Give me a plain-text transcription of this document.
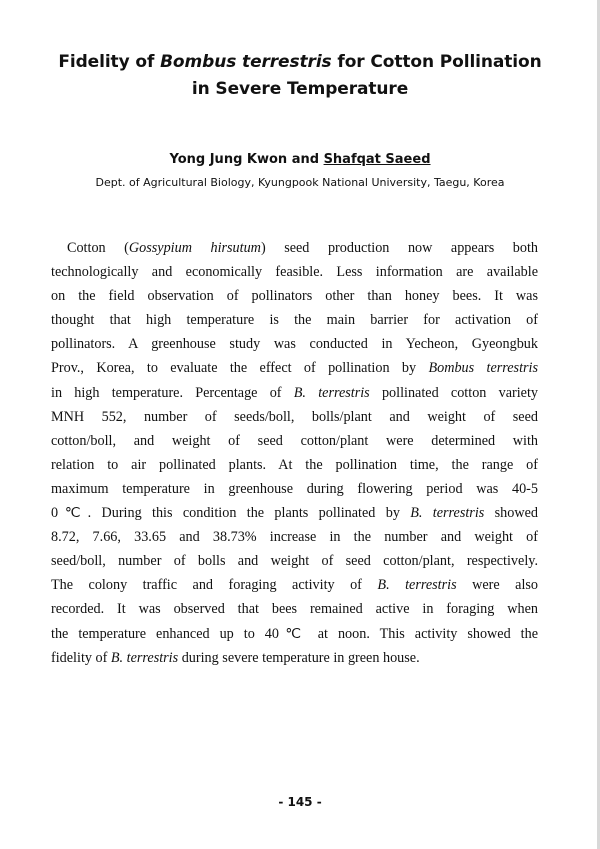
Fidelity of Bombus terrestris for Cotton Pollination
in Severe Temperature
Yong Jung Kwon and Shafqat Saeed
Dept. of Agricultural Biology, Kyungpook National University, Taegu, Korea
Cotton (Gossypium hirsutum) seed production now appears both
technologically and economically feasible. Less information are available
on the field observation of pollinators other than honey bees. It was
thought that high temperature is the main barrier for activation of
pollinators. A greenhouse study was conducted in Yecheon, Gyeongbuk
Prov., Korea, to evaluate the effect of pollination by Bombus terrestris
in high temperature. Percentage of B. terrestris pollinated cotton variety
MNH 552, number of seeds/boll, bolls/plant and weight of seed
cotton/boll, and weight of seed cotton/plant were determined with
relation to air pollinated plants. At the pollination time, the range of
maximum temperature in greenhouse during flowering period was 40-5
0℃. During this condition the plants pollinated by B. terrestris showed
8.72, 7.66, 33.65 and 38.73% increase in the number and weight of
seed/boll, number of bolls and weight of seed cotton/plant, respectively.
The colony traffic and foraging activity of B. terrestris were also
recorded. It was observed that bees remained active in foraging when
the temperature enhanced up to 40℃ at noon. This activity showed the
fidelity of B. terrestris during severe temperature in green house.
- 145 -
